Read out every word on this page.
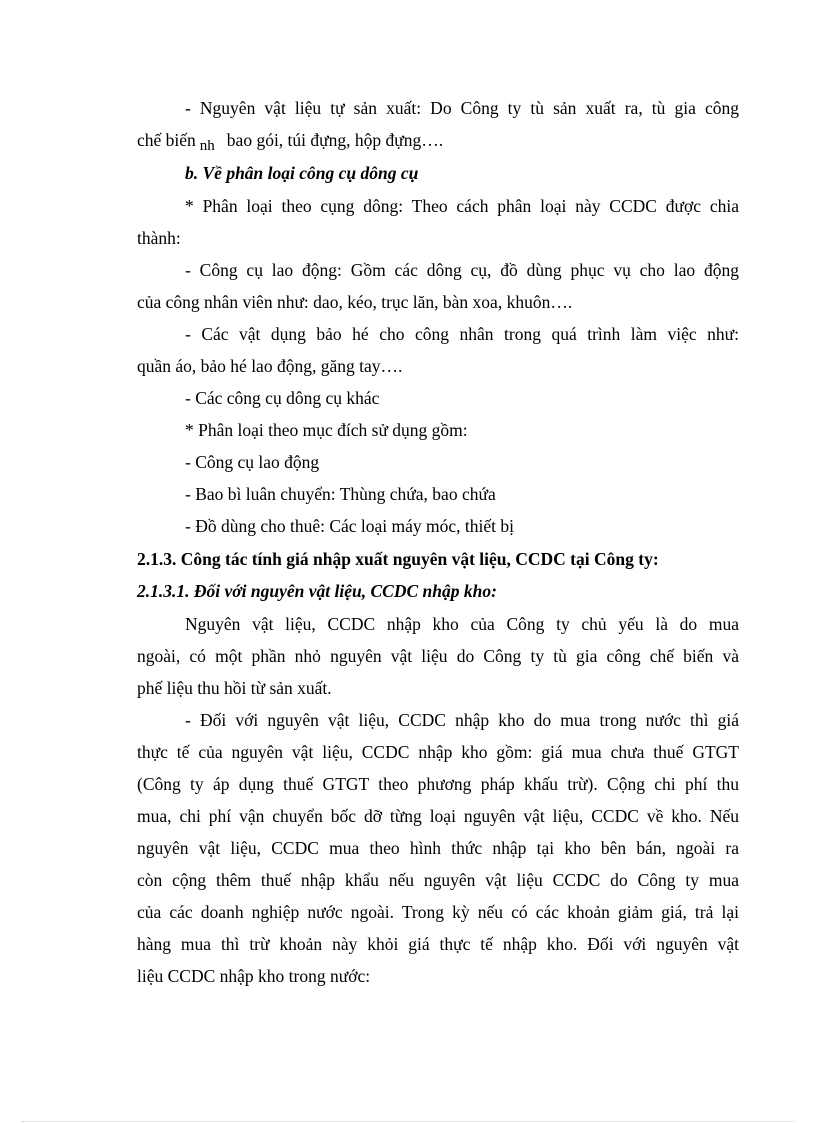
- Nguyên vật liệu tự sản xuất: Do Công ty tù sản xuất ra, tù gia công
chế biến nh bao gói, túi đựng, hộp đựng….
b. Về phân loại công cụ dông cụ
* Phân loại theo cụng dông: Theo cách phân loại này CCDC được chia
thành:
- Công cụ lao động: Gồm các dông cụ, đồ dùng phục vụ cho lao động
của công nhân viên như: dao, kéo, trục lăn, bàn xoa, khuôn….
- Các vật dụng bảo hé cho công nhân trong quá trình làm việc như:
quần áo, bảo hé lao động, găng tay….
- Các công cụ dông cụ khác
* Phân loại theo mục đích sử dụng gồm:
- Công cụ lao động
- Bao bì luân chuyển: Thùng chứa, bao chứa
- Đồ dùng cho thuê: Các loại máy móc, thiết bị
2.1.3. Công tác tính giá nhập xuất nguyên vật liệu, CCDC tại Công ty:
2.1.3.1. Đối với nguyên vật liệu, CCDC nhập kho:
Nguyên vật liệu, CCDC nhập kho của Công ty chủ yếu là do mua
ngoài, có một phần nhỏ nguyên vật liệu do Công ty tù gia công chế biến và
phế liệu thu hồi từ sản xuất.
- Đối với nguyên vật liệu, CCDC nhập kho do mua trong nước thì giá
thực tế của nguyên vật liệu, CCDC nhập kho gồm: giá mua chưa thuế GTGT
(Công ty áp dụng thuế GTGT theo phương pháp khấu trừ). Cộng chi phí thu
mua, chi phí vận chuyển bốc dỡ từng loại nguyên vật liệu, CCDC về kho. Nếu
nguyên vật liệu, CCDC mua theo hình thức nhập tại kho bên bán, ngoài ra
còn cộng thêm thuế nhập khẩu nếu nguyên vật liệu CCDC do Công ty mua
của các doanh nghiệp nước ngoài. Trong kỳ nếu có các khoản giảm giá, trả lại
hàng mua thì trừ khoản này khỏi giá thực tế nhập kho. Đối với nguyên vật
liệu CCDC nhập kho trong nước:
